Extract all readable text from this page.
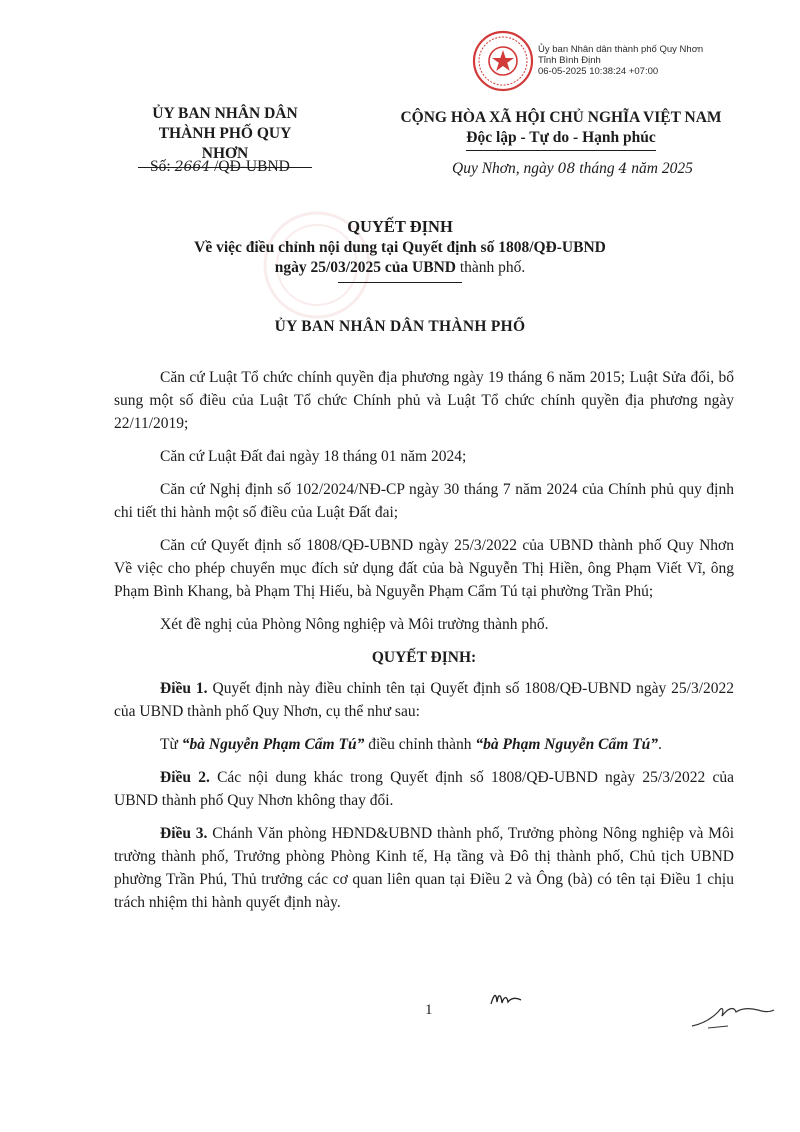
Ủy ban Nhân dân thành phố Quy Nhơn
Tỉnh Bình Định
06-05-2025 10:38:24 +07:00
ỦY BAN NHÂN DÂN
THÀNH PHỐ QUY NHƠN
Số: 2664 /QĐ-UBND
CỘNG HÒA XÃ HỘI CHỦ NGHĨA VIỆT NAM
Độc lập - Tự do - Hạnh phúc
Quy Nhơn, ngày 08 tháng 4 năm 2025
QUYẾT ĐỊNH
Về việc điều chỉnh nội dung tại Quyết định số 1808/QĐ-UBND
ngày 25/03/2025 của UBND thành phố.
ỦY BAN NHÂN DÂN THÀNH PHỐ

Căn cứ Luật Tổ chức chính quyền địa phương ngày 19 tháng 6 năm 2015; Luật Sửa đổi, bổ sung một số điều của Luật Tổ chức Chính phủ và Luật Tổ chức chính quyền địa phương ngày 22/11/2019;

Căn cứ Luật Đất đai ngày 18 tháng 01 năm 2024;

Căn cứ Nghị định số 102/2024/NĐ-CP ngày 30 tháng 7 năm 2024 của Chính phủ quy định chi tiết thi hành một số điều của Luật Đất đai;

Căn cứ Quyết định số 1808/QĐ-UBND ngày 25/3/2022 của UBND thành phố Quy Nhơn Về việc cho phép chuyển mục đích sử dụng đất của bà Nguyễn Thị Hiền, ông Phạm Viết Vĩ, ông Phạm Bình Khang, bà Phạm Thị Hiếu, bà Nguyễn Phạm Cẩm Tú tại phường Trần Phú;

Xét đề nghị của Phòng Nông nghiệp và Môi trường thành phố.

QUYẾT ĐỊNH:

Điều 1. Quyết định này điều chỉnh tên tại Quyết định số 1808/QĐ-UBND ngày 25/3/2022 của UBND thành phố Quy Nhơn, cụ thể như sau:

Từ “bà Nguyễn Phạm Cẩm Tú” điều chỉnh thành “bà Phạm Nguyễn Cẩm Tú”.

Điều 2. Các nội dung khác trong Quyết định số 1808/QĐ-UBND ngày 25/3/2022 của UBND thành phố Quy Nhơn không thay đổi.

Điều 3. Chánh Văn phòng HĐND&UBND thành phố, Trưởng phòng Nông nghiệp và Môi trường thành phố, Trưởng phòng Phòng Kinh tế, Hạ tầng và Đô thị thành phố, Chủ tịch UBND phường Trần Phú, Thủ trưởng các cơ quan liên quan tại Điều 2 và Ông (bà) có tên tại Điều 1 chịu trách nhiệm thi hành quyết định này.

1
